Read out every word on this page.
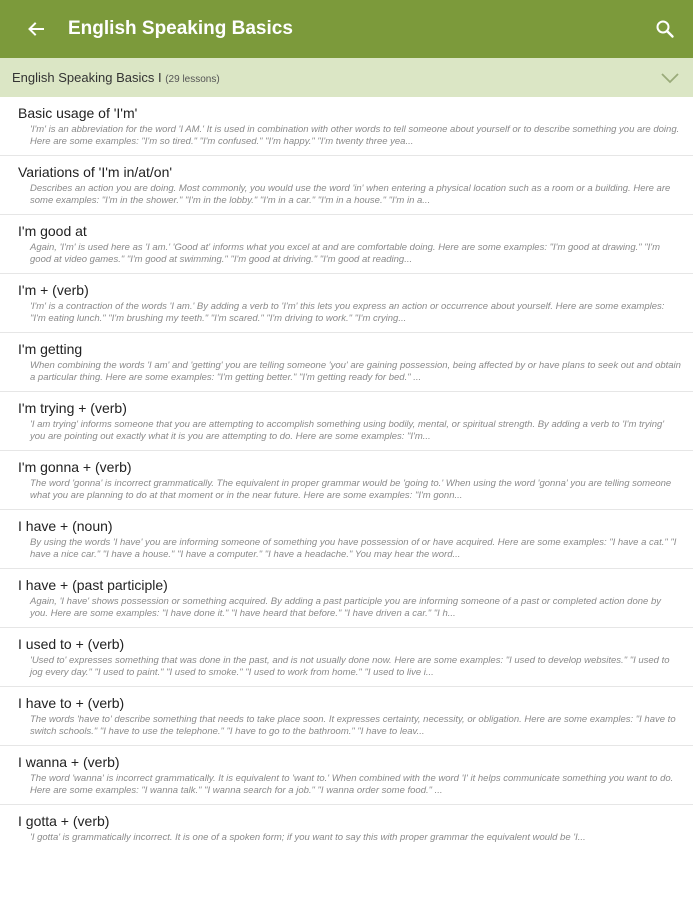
English Speaking Basics
English Speaking Basics I (29 lessons)
Basic usage of 'I'm'
'I'm' is an abbreviation for the word 'I AM.' It is used in combination with other words to tell someone about yourself or to describe something you are doing. Here are some examples: "I'm so tired." "I'm confused." "I'm happy." "I'm twenty three yea...
Variations of 'I'm in/at/on'
Describes an action you are doing. Most commonly, you would use the word 'in' when entering a physical location such as a room or a building. Here are some examples: "I'm in the shower." "I'm in the lobby." "I'm in a car." "I'm in a house." "I'm in a...
I'm good at
Again, 'I'm' is used here as 'I am.' 'Good at' informs what you excel at and are comfortable doing. Here are some examples: "I'm good at drawing." "I'm good at video games." "I'm good at swimming." "I'm good at driving." "I'm good at reading...
I'm + (verb)
'I'm' is a contraction of the words 'I am.' By adding a verb to 'I'm' this lets you express an action or occurrence about yourself. Here are some examples: "I'm eating lunch." "I'm brushing my teeth." "I'm scared." "I'm driving to work." "I'm crying...
I'm getting
When combining the words 'I am' and 'getting' you are telling someone 'you' are gaining possession, being affected by or have plans to seek out and obtain a particular thing. Here are some examples: "I'm getting better." "I'm getting ready for bed." ...
I'm trying + (verb)
'I am trying' informs someone that you are attempting to accomplish something using bodily, mental, or spiritual strength. By adding a verb to 'I'm trying' you are pointing out exactly what it is you are attempting to do. Here are some examples: "I'm...
I'm gonna + (verb)
The word 'gonna' is incorrect grammatically. The equivalent in proper grammar would be 'going to.' When using the word 'gonna' you are telling someone what you are planning to do at that moment or in the near future. Here are some examples: "I'm gonn...
I have + (noun)
By using the words 'I have' you are informing someone of something you have possession of or have acquired. Here are some examples: "I have a cat." "I have a nice car." "I have a house." "I have a computer." "I have a headache." You may hear the word...
I have + (past participle)
Again, 'I have' shows possession or something acquired. By adding a past participle you are informing someone of a past or completed action done by you. Here are some examples: "I have done it." "I have heard that before." "I have driven a car." "I h...
I used to + (verb)
'Used to' expresses something that was done in the past, and is not usually done now. Here are some examples: "I used to develop websites." "I used to jog every day." "I used to paint." "I used to smoke." "I used to work from home." "I used to live i...
I have to + (verb)
The words 'have to' describe something that needs to take place soon. It expresses certainty, necessity, or obligation. Here are some examples: "I have to switch schools." "I have to use the telephone." "I have to go to the bathroom." "I have to leav...
I wanna + (verb)
The word 'wanna' is incorrect grammatically. It is equivalent to 'want to.' When combined with the word 'I' it helps communicate something you want to do. Here are some examples: "I wanna talk." "I wanna search for a job." "I wanna order some food." ...
I gotta + (verb)
'I gotta' is grammatically incorrect. It is one of a spoken form; if you want to say this with proper grammar the equivalent would be 'I...
